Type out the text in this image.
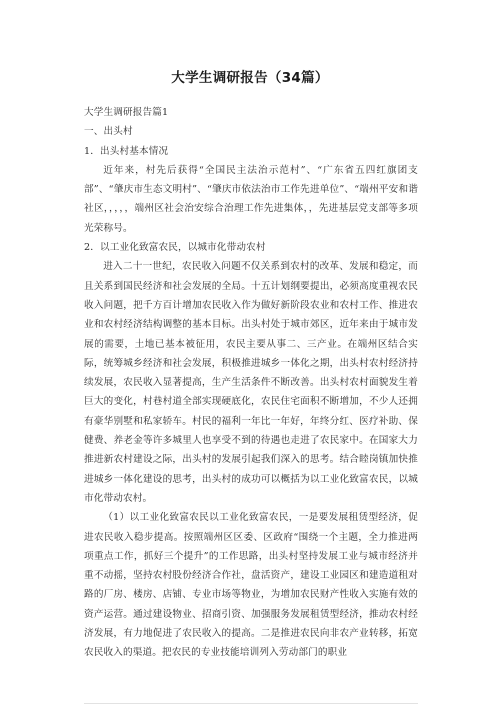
大学生调研报告（34篇）

大学生调研报告篇1

一、出头村

1．出头村基本情况

近年来，村先后获得“全国民主法治示范村”、“广东省五四红旗团支部”、“肇庆市生态文明村”、“肇庆市依法治市工作先进单位”、“端州平安和谐社区，，，，，端州区社会治安综合治理工作先进集体，，先进基层党支部等多项光荣称号。

2．以工业化致富农民，以城市化带动农村

进入二十一世纪，农民收入问题不仅关系到农村的改革、发展和稳定，而且关系到国民经济和社会发展的全局。十五计划纲要提出，必须高度重视农民收入问题，把千方百计增加农民收入作为做好新阶段农业和农村工作、推进农业和农村经济结构调整的基本目标。出头村处于城市郊区，近年来由于城市发展的需要，土地已基本被征用，农民主要从事二、三产业。在端州区结合实际，统筹城乡经济和社会发展，积极推进城乡一体化之期，出头村农村经济持续发展，农民收入显著提高，生产生活条件不断改善。出头村农村面貌发生着巨大的变化，村巷村道全部实现硬底化，农民住宅面积不断增加，不少人还拥有豪华别墅和私家轿车。村民的福利一年比一年好，年终分红、医疗补助、保健费、养老金等许多城里人也享受不到的待遇也走进了农民家中。在国家大力推进新农村建设之际，出头村的发展引起我们深入的思考。结合睦岗镇加快推进城乡一体化建设的思考，出头村的成功可以概括为以工业化致富农民，以城市化带动农村。

（1）以工业化致富农民以工业化致富农民，一是要发展租赁型经济，促进农民收入稳步提高。按照端州区区委、区政府“围绕一个主题，全力推进两项重点工作，抓好三个提升”的工作思路，出头村坚持发展工业与城市经济并重不动摇，坚持农村股份经济合作社，盘活资产，建设工业园区和建造道租对路的厂房、楼房、店铺、专业市场等物业，为增加农民财产性收入实施有效的资产运营。通过建设物业、招商引资、加强服务发展租赁型经济，推动农村经济发展，有力地促进了农民收入的提高。二是推进农民向非农产业转移，拓宽农民收入的渠道。把农民的专业技能培训列入劳动部门的职业
